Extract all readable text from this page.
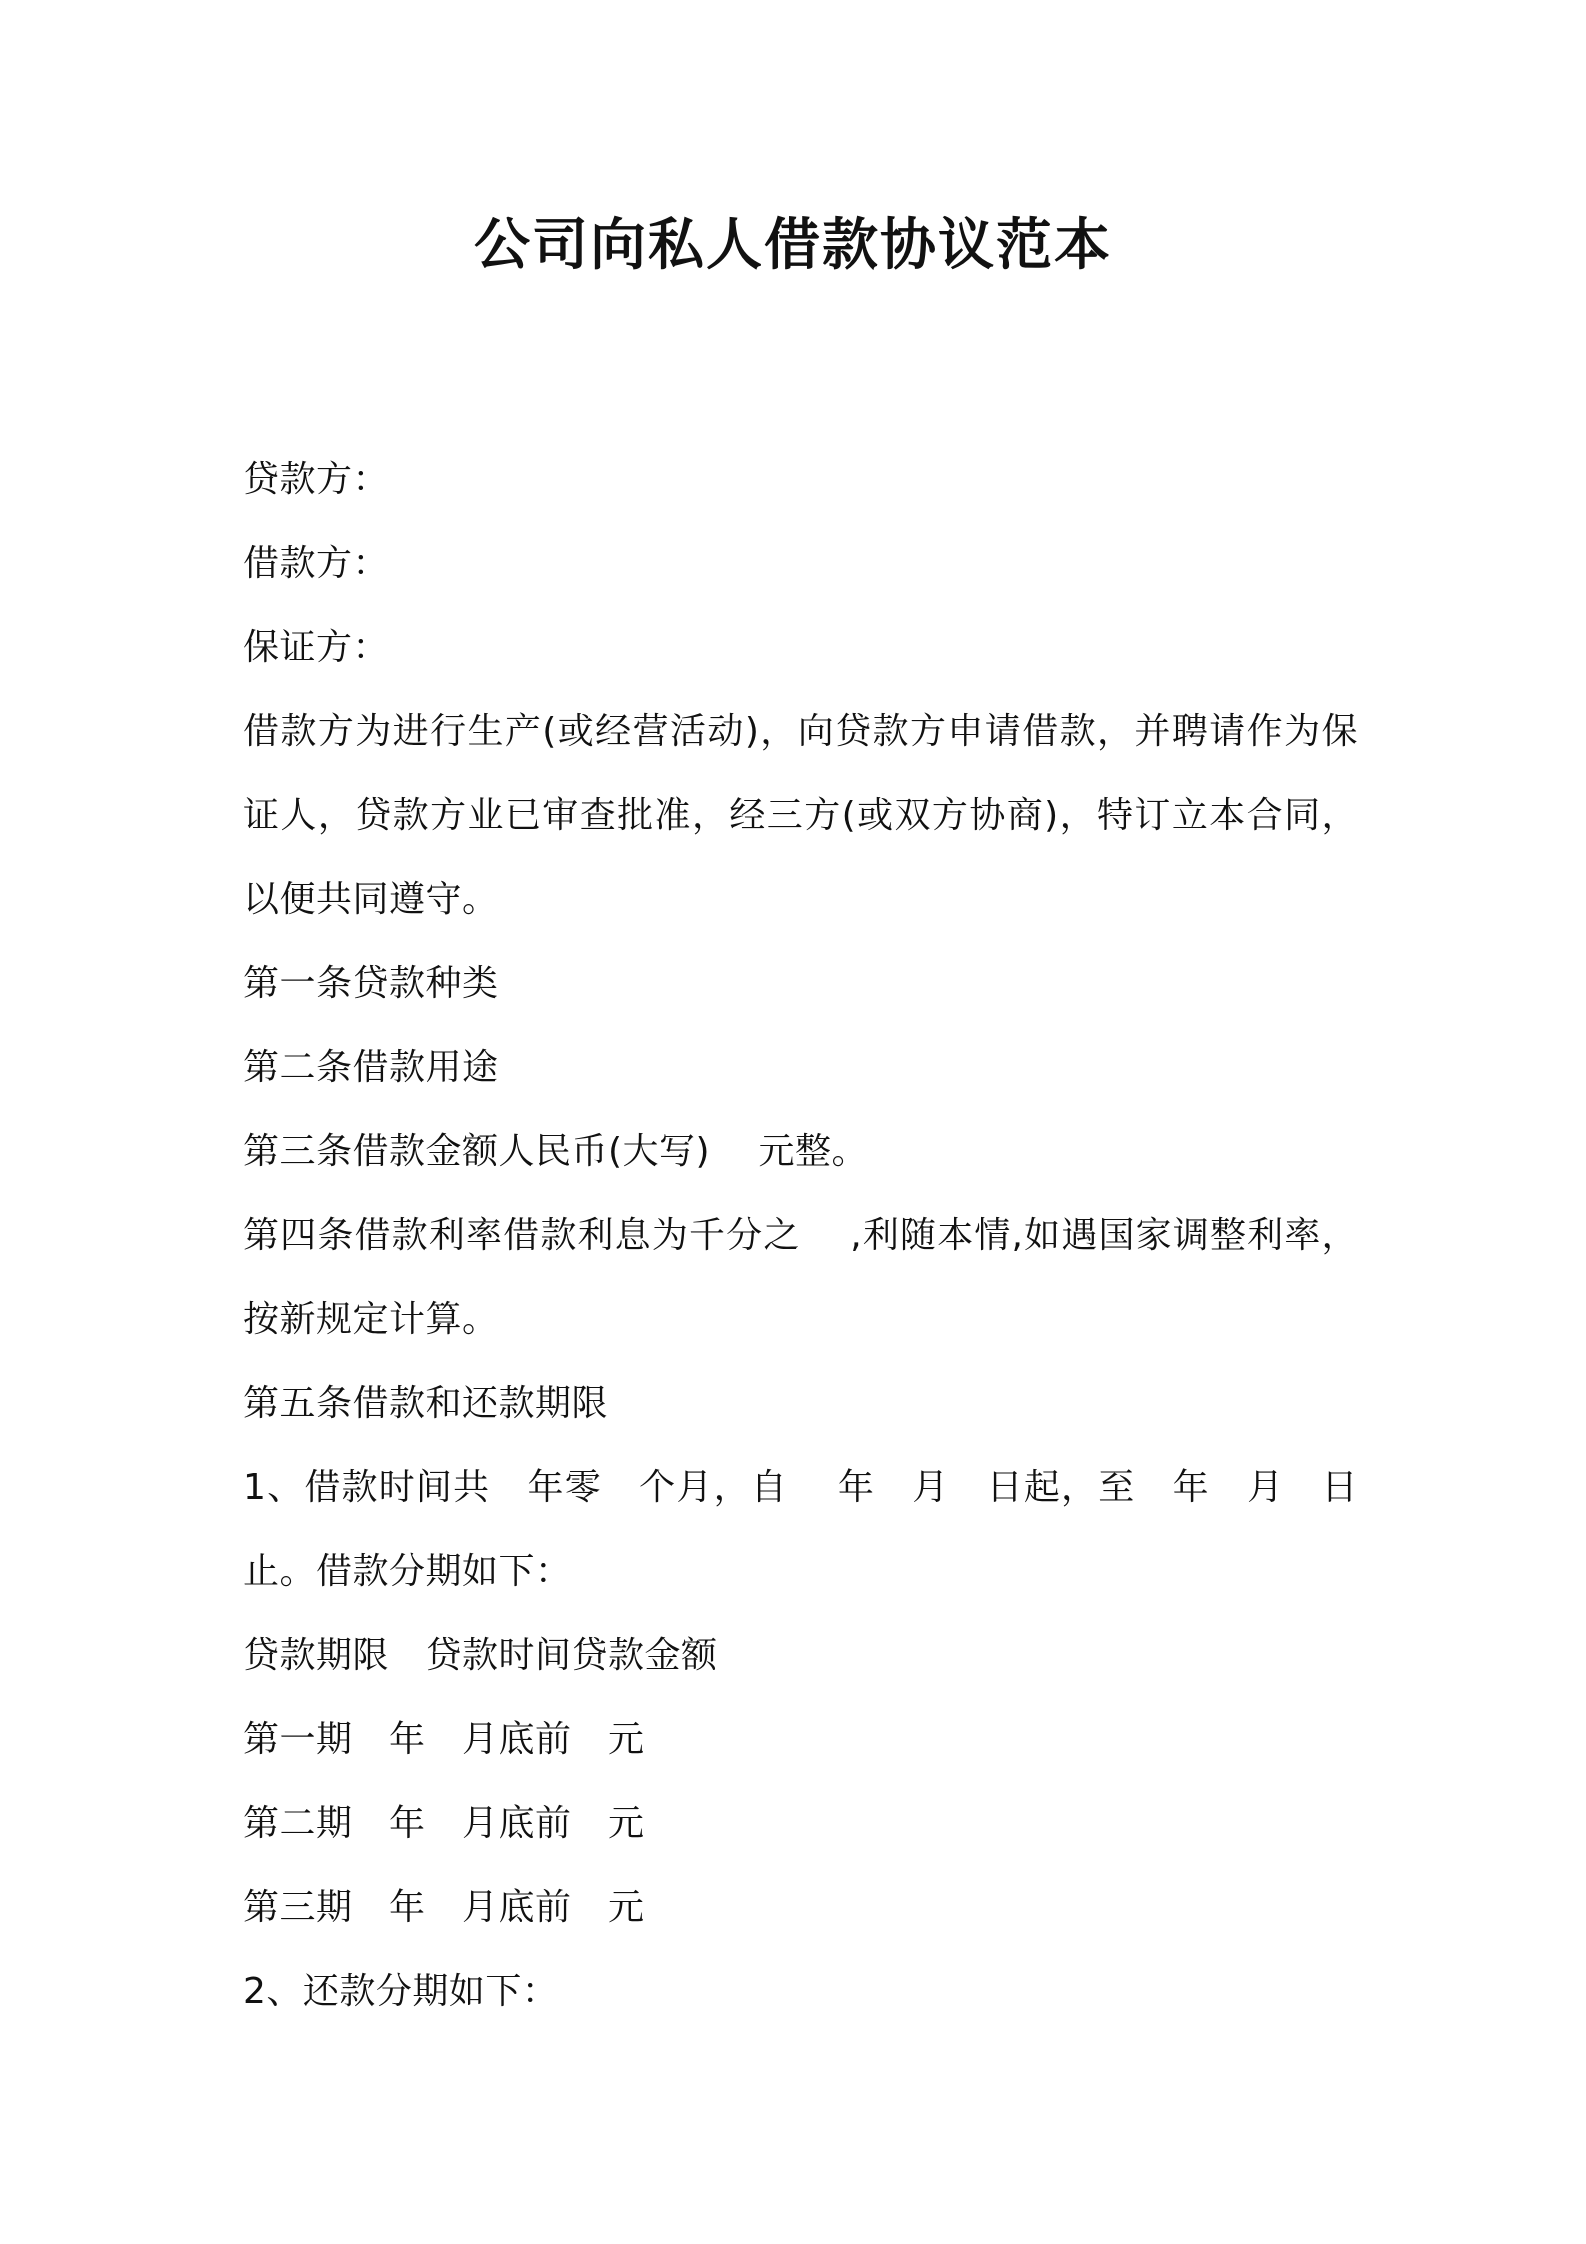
公司向私人借款协议范本

贷款方：

借款方：

保证方：

借款方为进行生产(或经营活动)，向贷款方申请借款，并聘请作为保证人，贷款方业已审查批准，经三方(或双方协商)，特订立本合同，以便共同遵守。

第一条贷款种类

第二条借款用途

第三条借款金额人民币(大写)　 元整。

第四条借款利率借款利息为千分之　 ,利随本情,如遇国家调整利率，按新规定计算。

第五条借款和还款期限

1、借款时间共　年零　个月，自　 年　月　日起，至　年　月　日止。借款分期如下：

贷款期限　贷款时间贷款金额

第一期　年　月底前　元

第二期　年　月底前　元

第三期　年　月底前　元

2、还款分期如下：
